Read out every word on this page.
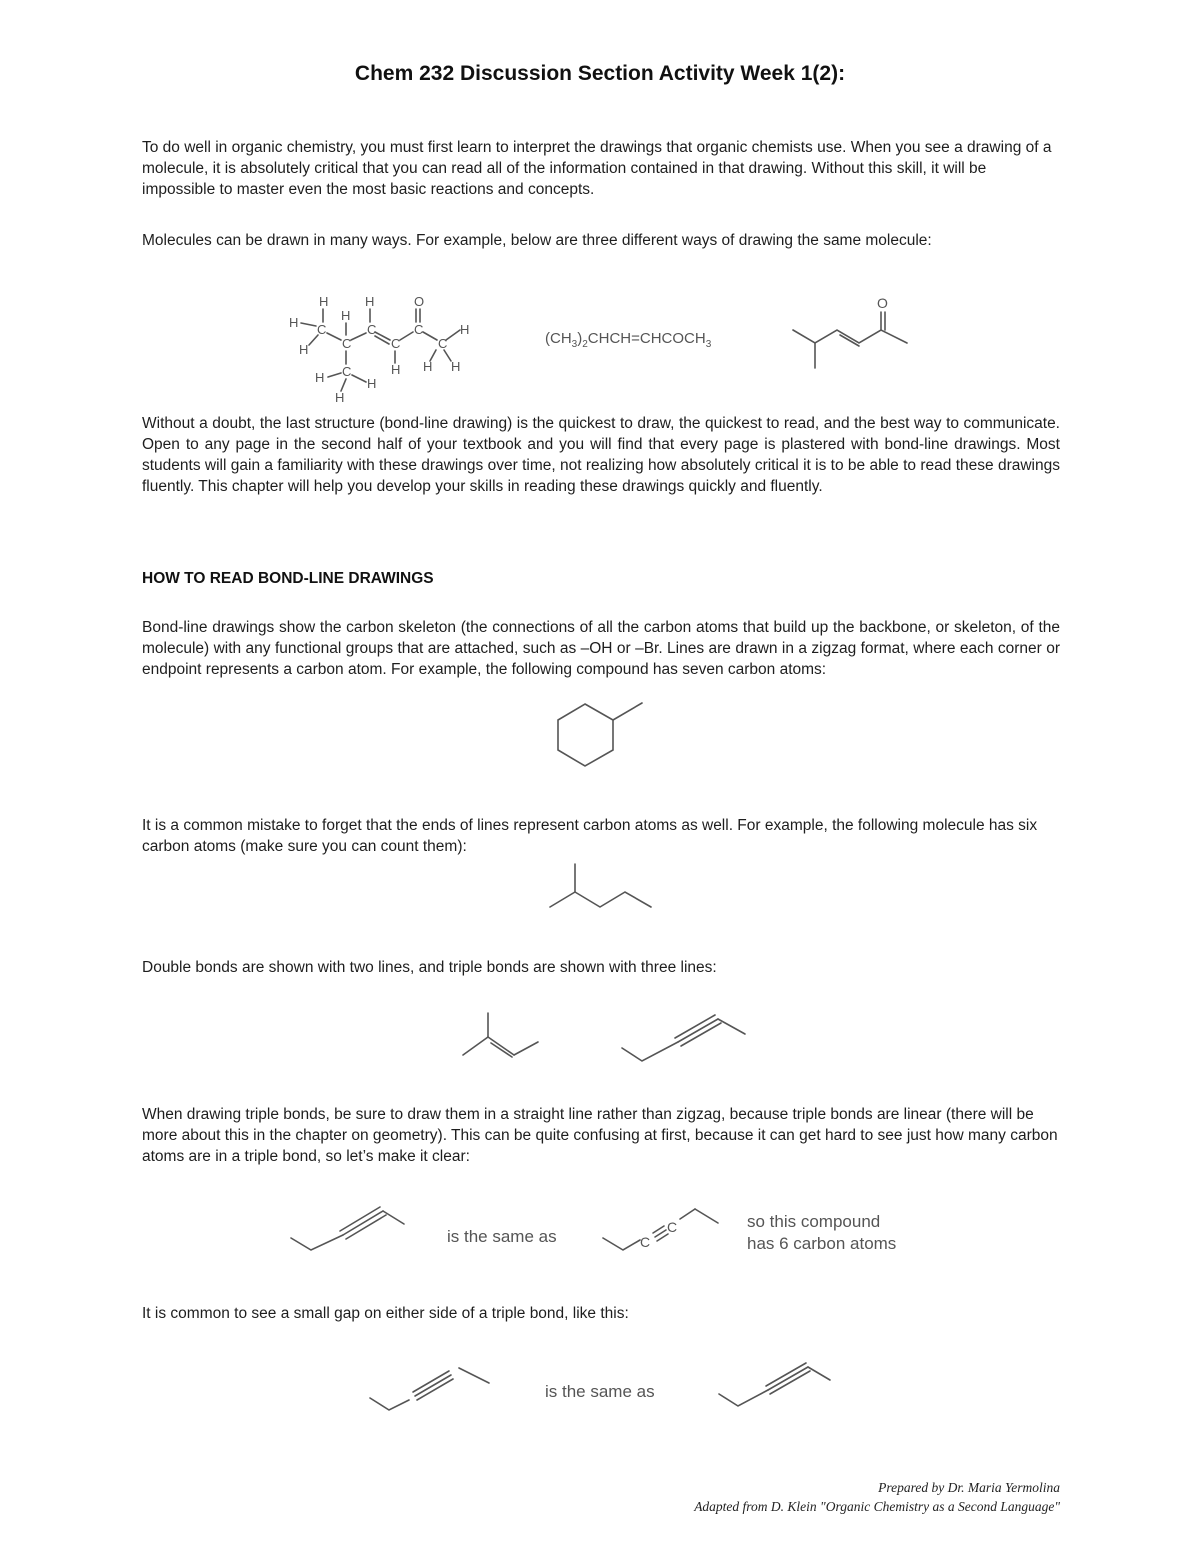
Chem 232 Discussion Section Activity Week 1(2):

To do well in organic chemistry, you must first learn to interpret the drawings that organic chemists use. When you see a drawing of a molecule, it is absolutely critical that you can read all of the information contained in that drawing. Without this skill, it will be impossible to master even the most basic reactions and concepts.

Molecules can be drawn in many ways. For example, below are three different ways of drawing the same molecule:

H	H
H
H
H
H
H H H
H	H
H
C
C
C
C
C
C
C
O
$(CH_3)_2CHCH=CHCOCH_3$
O

Without a doubt, the last structure (bond-line drawing) is the quickest to draw, the quickest to read, and the best way to communicate. Open to any page in the second half of your textbook and you will find that every page is plastered with bond-line drawings. Most students will gain a familiarity with these drawings over time, not realizing how absolutely critical it is to be able to read these drawings fluently. This chapter will help you develop your skills in reading these drawings quickly and fluently.

HOW TO READ BOND-LINE DRAWINGS

Bond-line drawings show the carbon skeleton (the connections of all the carbon atoms that build up the backbone, or skeleton, of the molecule) with any functional groups that are attached, such as –OH or –Br. Lines are drawn in a zigzag format, where each corner or endpoint represents a carbon atom. For example, the following compound has seven carbon atoms:

It is a common mistake to forget that the ends of lines represent carbon atoms as well. For example, the following molecule has six carbon atoms (make sure you can count them):

Double bonds are shown with two lines, and triple bonds are shown with three lines:

When drawing triple bonds, be sure to draw them in a straight line rather than zigzag, because triple bonds are linear (there will be more about this in the chapter on geometry). This can be quite confusing at first, because it can get hard to see just how many carbon atoms are in a triple bond, so let’s make it clear:

is the same as	C
C	so this compound
has 6 carbon atoms

It is common to see a small gap on either side of a triple bond, like this:

is the same as
Prepared by Dr. Maria Yermolina
Adapted from D. Klein "Organic Chemistry as a Second Language"
